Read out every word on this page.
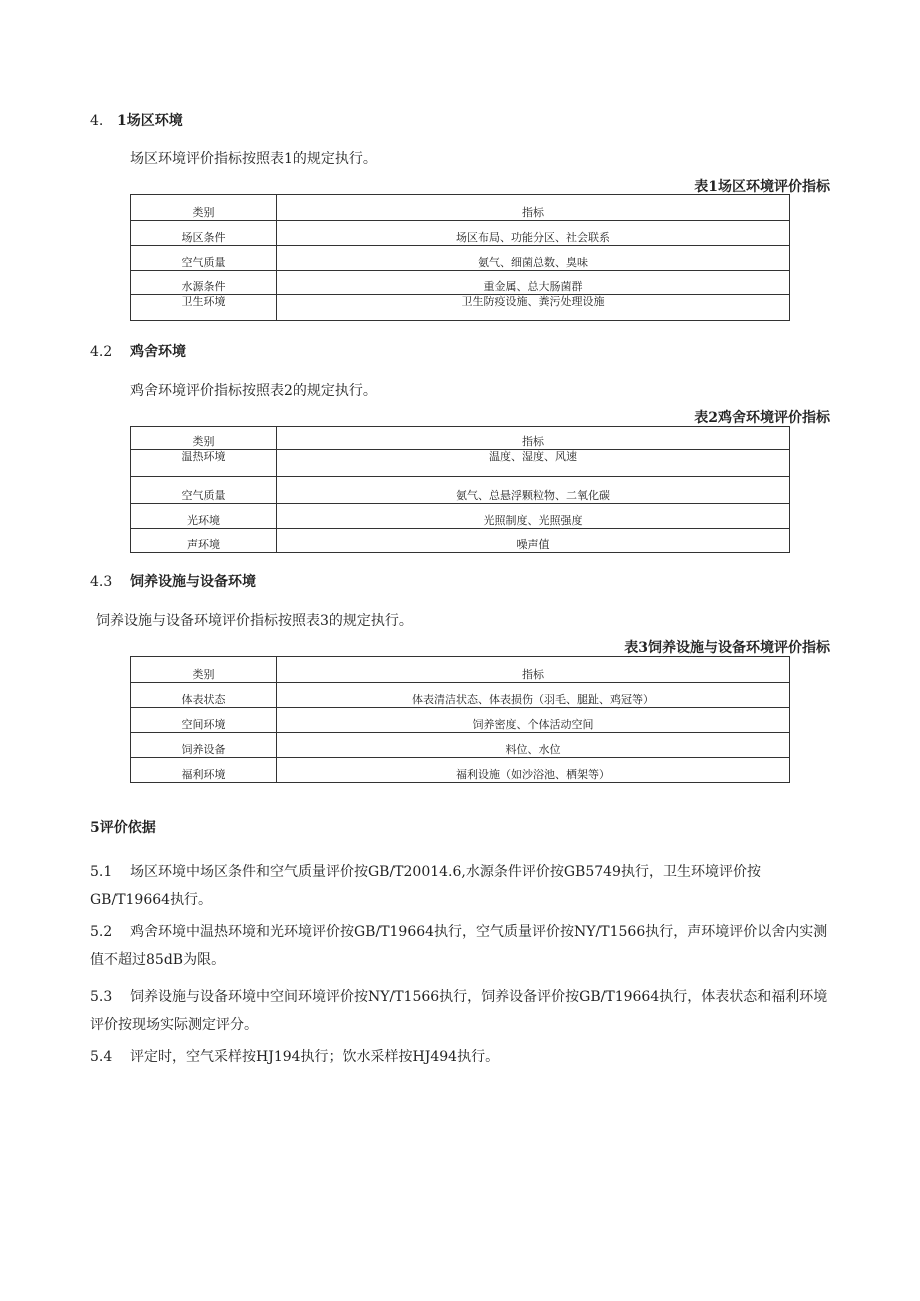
4. 1场区环境
场区环境评价指标按照表1的规定执行。
表1场区环境评价指标
类别	指标
场区条件	场区布局、功能分区、社会联系
空气质量	氨气、细菌总数、臭味
水源条件	重金属、总大肠菌群
卫生环境	卫生防疫设施、粪污处理设施
4.2 鸡舍环境
鸡舍环境评价指标按照表2的规定执行。
表2鸡舍环境评价指标
类别	指标
温热环境	温度、湿度、风速
空气质量	氨气、总悬浮颗粒物、二氧化碳
光环境	光照制度、光照强度
声环境	噪声值
4.3 饲养设施与设备环境
饲养设施与设备环境评价指标按照表3的规定执行。
表3饲养设施与设备环境评价指标
类别	指标
体表状态	体表清洁状态、体表损伤（羽毛、腿趾、鸡冠等）
空间环境	饲养密度、个体活动空间
饲养设备	料位、水位
福利环境	福利设施（如沙浴池、栖架等）
5评价依据
5.1 场区环境中场区条件和空气质量评价按GB/T20014.6,水源条件评价按GB5749执行，卫生环境评价按GB/T19664执行。
5.2 鸡舍环境中温热环境和光环境评价按GB/T19664执行，空气质量评价按NY/T1566执行，声环境评价以舍内实测值不超过85dB为限。
5.3 饲养设施与设备环境中空间环境评价按NY/T1566执行，饲养设备评价按GB/T19664执行，体表状态和福利环境评价按现场实际测定评分。
5.4 评定时，空气采样按HJ194执行；饮水采样按HJ494执行。
